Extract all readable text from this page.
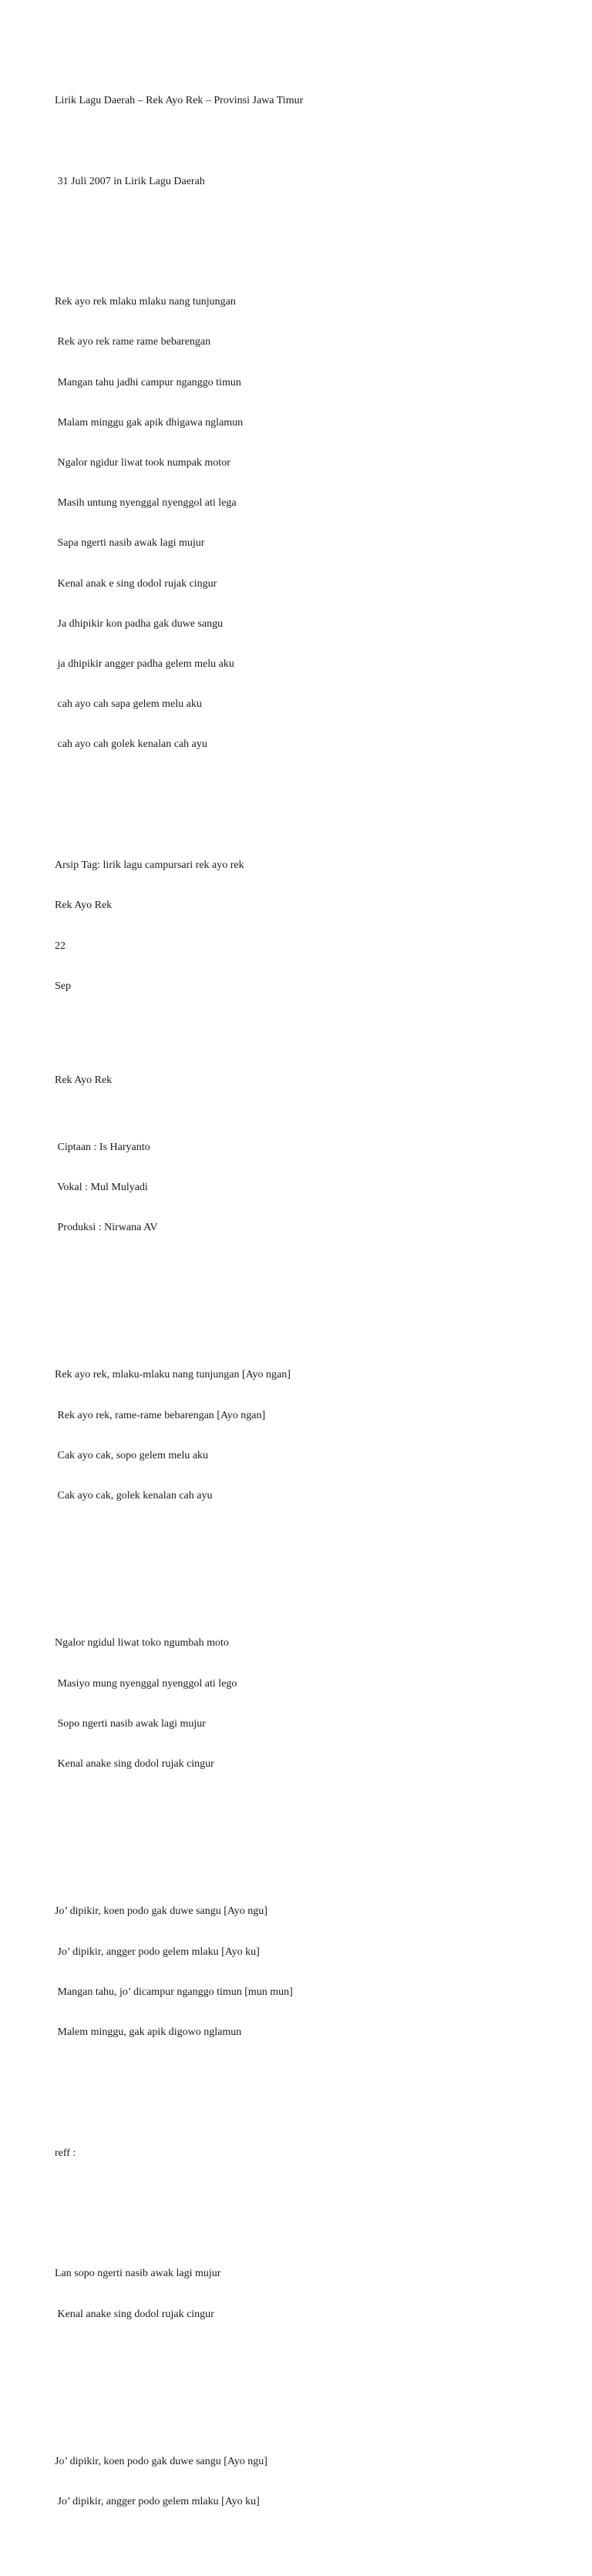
Lirik Lagu Daerah – Rek Ayo Rek – Provinsi Jawa Timur

31 Juli 2007 in Lirik Lagu Daerah

Rek ayo rek mlaku mlaku nang tunjungan

Rek ayo rek rame rame bebarengan

Mangan tahu jadhi campur nganggo timun

Malam minggu gak apik dhigawa nglamun

Ngalor ngidur liwat took numpak motor

Masih untung nyenggal nyenggol ati lega

Sapa ngerti nasib awak lagi mujur

Kenal anak e sing dodol rujak cingur

Ja dhipikir kon padha gak duwe sangu

ja dhipikir angger padha gelem melu aku

cah ayo cah sapa gelem melu aku

cah ayo cah golek kenalan cah ayu

Arsip Tag: lirik lagu campursari rek ayo rek

Rek Ayo Rek

22

Sep

Rek Ayo Rek

Ciptaan : Is Haryanto

Vokal : Mul Mulyadi

Produksi : Nirwana AV

Rek ayo rek, mlaku-mlaku nang tunjungan [Ayo ngan]

Rek ayo rek, rame-rame bebarengan [Ayo ngan]

Cak ayo cak, sopo gelem melu aku

Cak ayo cak, golek kenalan cah ayu

Ngalor ngidul liwat toko ngumbah moto

Masiyo mung nyenggal nyenggol ati lego

Sopo ngerti nasib awak lagi mujur

Kenal anake sing dodol rujak cingur

Jo’ dipikir, koen podo gak duwe sangu [Ayo ngu]

Jo’ dipikir, angger podo gelem mlaku [Ayo ku]

Mangan tahu, jo’ dicampur nganggo timun [mun mun]

Malem minggu, gak apik digowo nglamun

reff :

Lan sopo ngerti nasib awak lagi mujur

Kenal anake sing dodol rujak cingur

Jo’ dipikir, koen podo gak duwe sangu [Ayo ngu]

Jo’ dipikir, angger podo gelem mlaku [Ayo ku]
